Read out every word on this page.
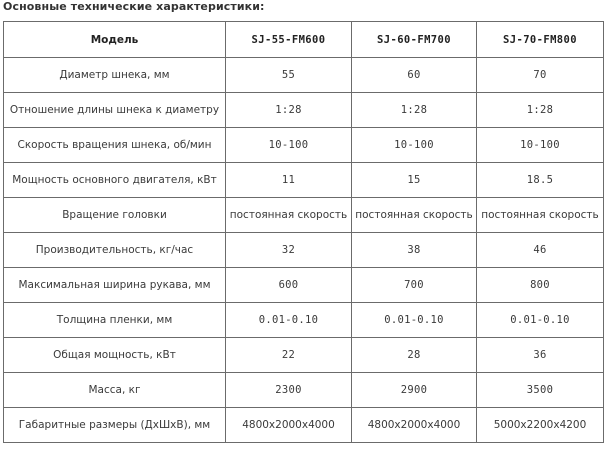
Основные технические характеристики:
Модель	SJ-55-FM600	SJ-60-FM700	SJ-70-FM800
Диаметр шнека, мм	55	60	70
Отношение длины шнека к диаметру	1:28	1:28	1:28
Скорость вращения шнека, об/мин	10-100	10-100	10-100
Мощность основного двигателя, кВт	11	15	18.5
Вращение головки	постоянная скорость	постоянная скорость	постоянная скорость
Производительность, кг/час	32	38	46
Максимальная ширина рукава, мм	600	700	800
Толщина пленки, мм	0.01-0.10	0.01-0.10	0.01-0.10
Общая мощность, кВт	22	28	36
Масса, кг	2300	2900	3500
Габаритные размеры (ДхШхВ), мм	4800x2000x4000	4800x2000x4000	5000x2200x4200
